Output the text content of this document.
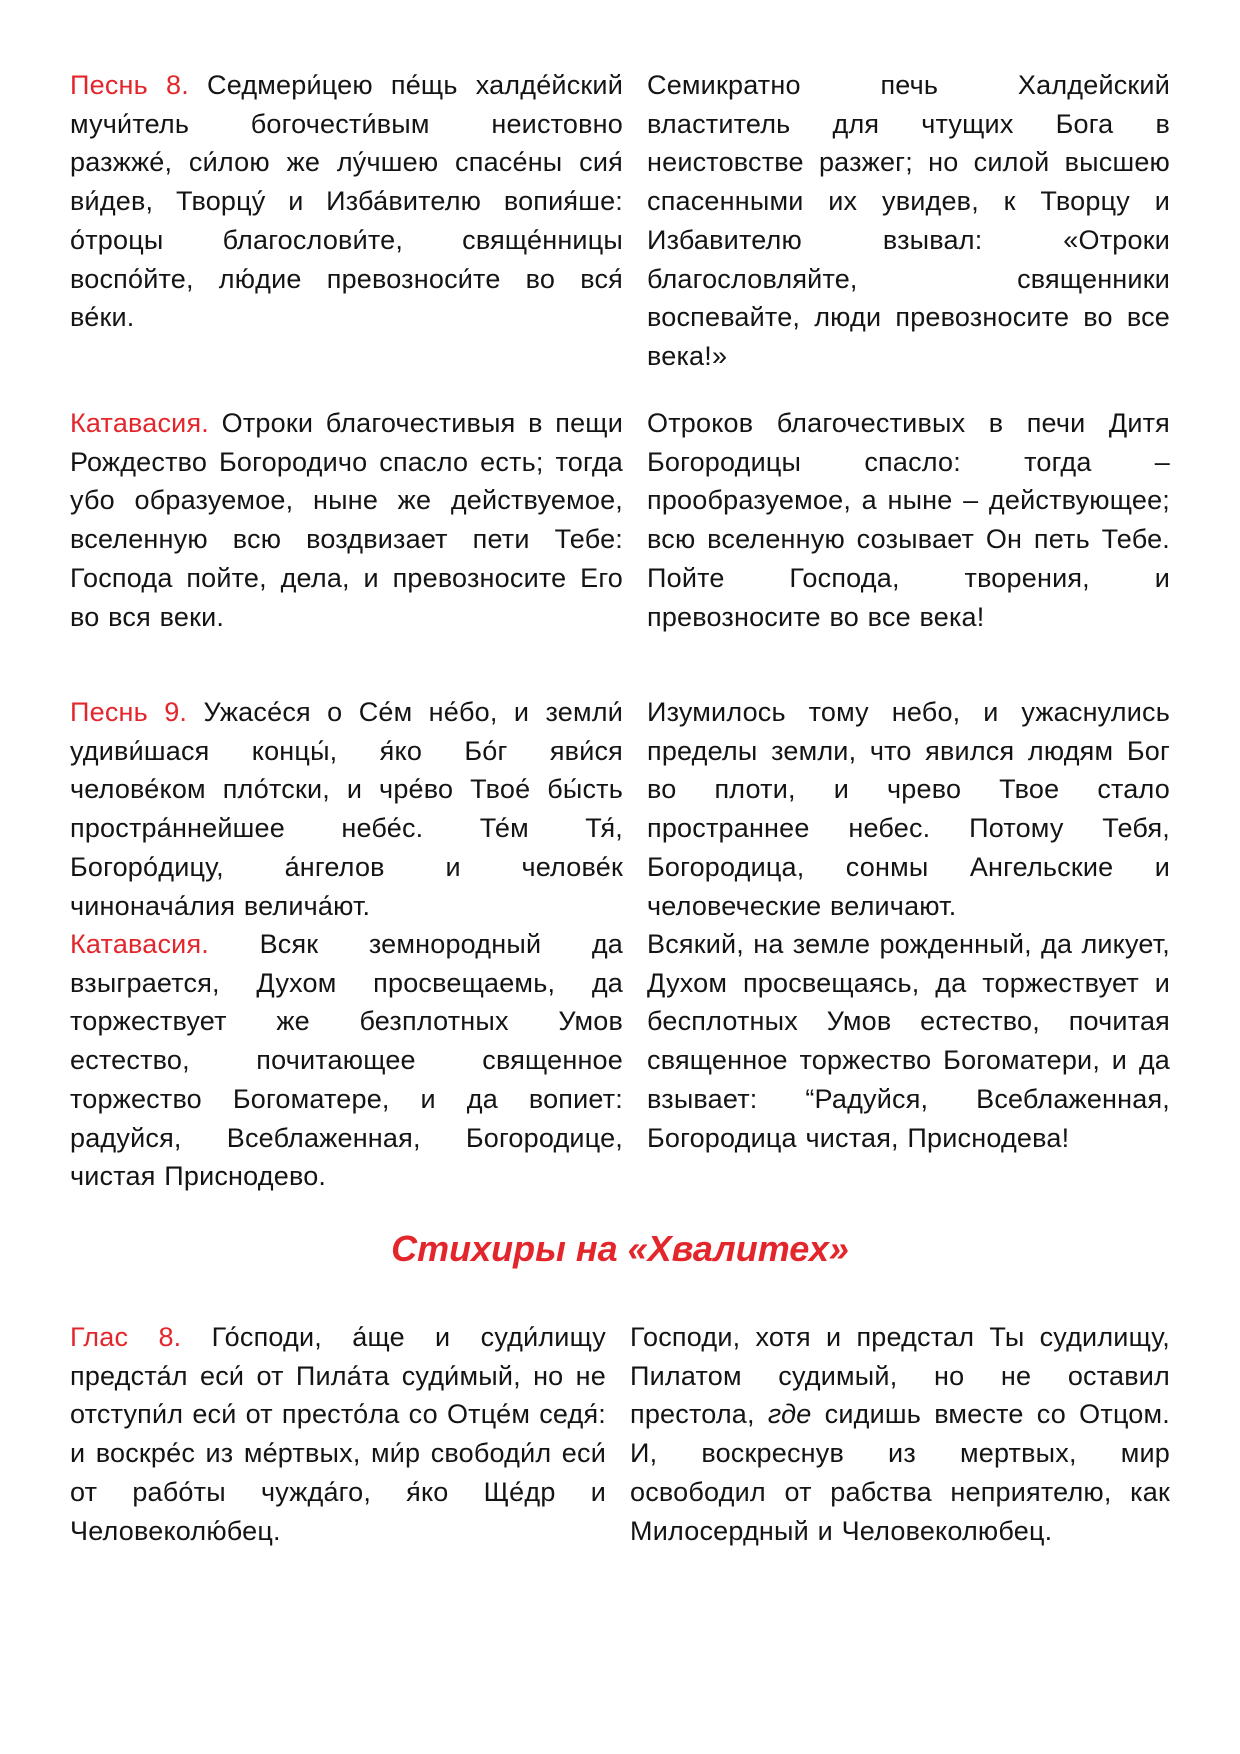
Песнь 8. Седмери́цею пе́щь халде́йский мучи́тель богочести́вым неистовно разжже́, си́лою же лу́чшею спасе́ны сия́ ви́дев, Творцу́ и Изба́вителю вопия́ше: о́троцы благослови́те, свяще́нницы воспо́йте, лю́дие превозноси́те во вся́ ве́ки.

Семикратно печь Халдейский властитель для чтущих Бога в неистовстве разжег; но силой высшею спасенными их увидев, к Творцу и Избавителю взывал: «Отроки благословляйте, священники воспевайте, люди превозносите во все века!»

Катавасия. Отроки благочестивыя в пещи Рождество Богородичо спасло есть; тогда убо образуемое, ныне же действуемое, вселенную всю воздвизает пети Тебе: Господа пойте, дела, и превозносите Его во вся веки.

Отроков благочестивых в печи Дитя Богородицы спасло: тогда – прообразуемое, а ныне – действующее; всю вселенную созывает Он петь Тебе. Пойте Господа, творения, и превозносите во все века!

Песнь 9. Ужасе́ся о Се́м не́бо, и земли́ удиви́шася концы́, я́ко Бо́г яви́ся челове́ком пло́тски, и чре́во Твое́ бы́сть простра́ннейшее небе́с. Те́м Тя́, Богоро́дицу, а́нгелов и челове́к чинонача́лия велича́ют.

Изумилось тому небо, и ужаснулись пределы земли, что явился людям Бог во плоти, и чрево Твое стало пространнее небес. Потому Тебя, Богородица, сонмы Ангельские и человеческие величают.

Катавасия. Всяк земнородный да взыграется, Духом просвещаемь, да торжествует же безплотных Умов естество, почитающее священное торжество Богоматере, и да вопиет: радуйся, Всеблаженная, Богородице, чистая Приснодево.

Всякий, на земле рожденный, да ликует, Духом просвещаясь, да торжествует и бесплотных Умов естество, почитая священное торжество Богоматери, и да взывает: “Радуйся, Всеблаженная, Богородица чистая, Приснодева!

Стихиры на «Хвалитех»

Глас 8. Го́споди, а́ще и суди́лищу предста́л еси́ от Пила́та суди́мый, но не отступи́л еси́ от престо́ла со Отце́м седя́: и воскре́с из ме́ртвых, ми́р свободи́л еси́ от рабо́ты чужда́го, я́ко Ще́др и Человеколю́бец.

Господи, хотя и предстал Ты судилищу, Пилатом судимый, но не оставил престола, где сидишь вместе со Отцом. И, воскреснув из мертвых, мир освободил от рабства неприятелю, как Милосердный и Человеколюбец.
